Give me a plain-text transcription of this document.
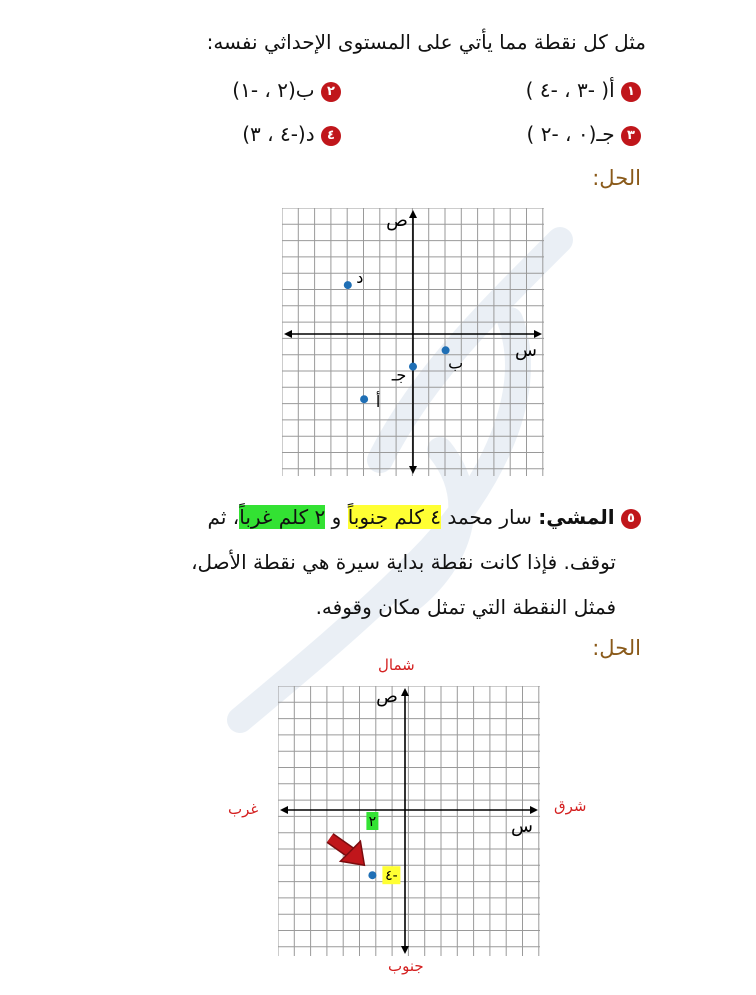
مثل كل نقطة مما يأتي على المستوى الإحداثي نفسه:
١ أ( -٣ ، -٤ )
٢ ب(٢ ، -١)
٣ جـ(٠ ، -٢ )
٤ د(-٤ ، ٣)
الحل:
أ
ب
جـ
د
ص
س
٥ المشي: سار محمد ٤ كلم جنوباً و ٢ كلم غرباً، ثم
توقف. فإذا كانت نقطة بداية سيرة هي نقطة الأصل،
فمثل النقطة التي تمثل مكان وقوفه.
الحل:
شمال
غرب	شرق
جنوب
٢
٤-
ص
س
